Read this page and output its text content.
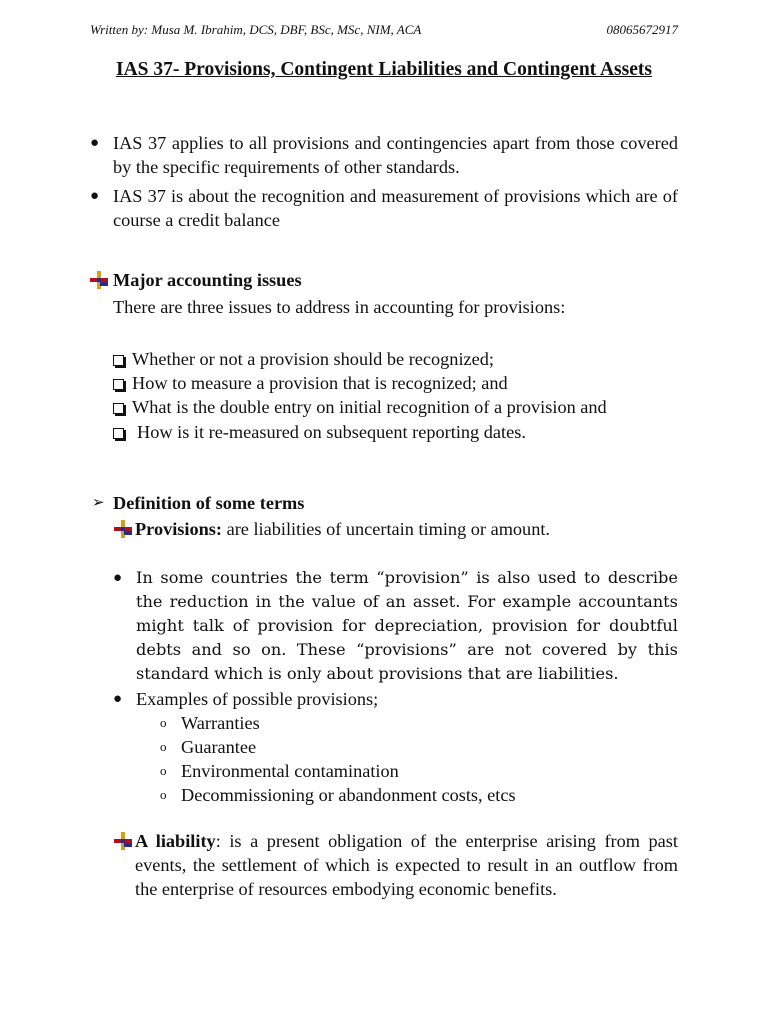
Written by: Musa M. Ibrahim, DCS, DBF, BSc, MSc, NIM, ACA	08065672917
IAS 37- Provisions, Contingent Liabilities and Contingent Assets
● IAS 37 applies to all provisions and contingencies apart from those covered by the specific requirements of other standards.
● IAS 37 is about the recognition and measurement of provisions which are of course a credit balance
Major accounting issues
There are three issues to address in accounting for provisions:
Whether or not a provision should be recognized;
How to measure a provision that is recognized; and
What is the double entry on initial recognition of a provision and
How is it re-measured on subsequent reporting dates.
➢ Definition of some terms
Provisions: are liabilities of uncertain timing or amount.
● In some countries the term “provision” is also used to describe the reduction in the value of an asset. For example accountants might talk of provision for depreciation, provision for doubtful debts and so on. These “provisions” are not covered by this standard which is only about provisions that are liabilities.
● Examples of possible provisions;
o Warranties
o Guarantee
o Environmental contamination
o Decommissioning or abandonment costs, etcs
A liability: is a present obligation of the enterprise arising from past events, the settlement of which is expected to result in an outflow from the enterprise of resources embodying economic benefits.
